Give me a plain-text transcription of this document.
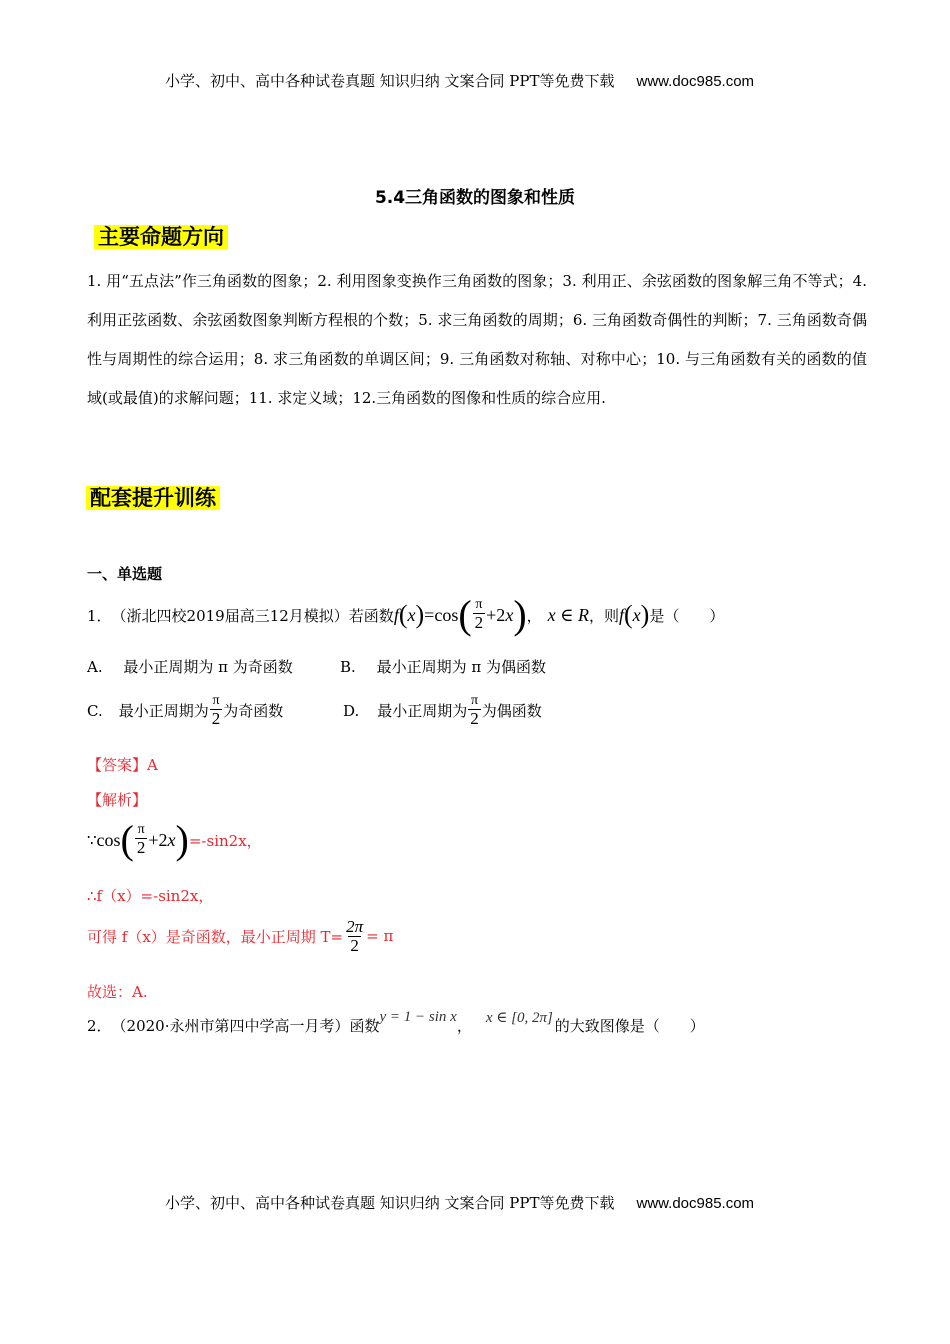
小学、初中、高中各种试卷真题 知识归纳 文案合同 PPT等免费下载 www.doc985.com
5.4三角函数的图象和性质
主要命题方向
1. 用“五点法”作三角函数的图象；2. 利用图象变换作三角函数的图象；3. 利用正、余弦函数的图象解三角不等式；4. 利用正弦函数、余弦函数图象判断方程根的个数；5. 求三角函数的周期；6. 三角函数奇偶性的判断；7. 三角函数奇偶性与周期性的综合运用；8. 求三角函数的单调区间；9. 三角函数对称轴、对称中心；10. 与三角函数有关的函数的值域(或最值)的求解问题；11. 求定义域；12.三角函数的图像和性质的综合应用.
配套提升训练
一、单选题
1． （浙北四校2019届高三12月模拟）若函数 f ( x ) =cos ( $\frac{\pi}{2} +2$ x ) ， x ∈ R ，则 f ( x ) 是（　　）
A. 最小正周期为 π 为奇函数	B. 最小正周期为 π 为偶函数
C. 最小正周期为 $\frac{\pi}{2}$ 为奇函数	D. 最小正周期为 $\frac{\pi}{2}$ 为偶函数
【答案】A
【解析】
∵ cos ( $\frac{\pi}{2} +2$ x ) =-sin2x，
∴f（x）=-sin2x，
可得 f（x）是奇函数，最小正周期 $T= \frac{2\pi}{2} = \pi$
故选：A.
2． （2020·永州市第四中学高一月考）函数 y = 1 − sin x ， x ∈ [0, 2π] 的大致图像是（　　）
小学、初中、高中各种试卷真题 知识归纳 文案合同 PPT等免费下载 www.doc985.com
